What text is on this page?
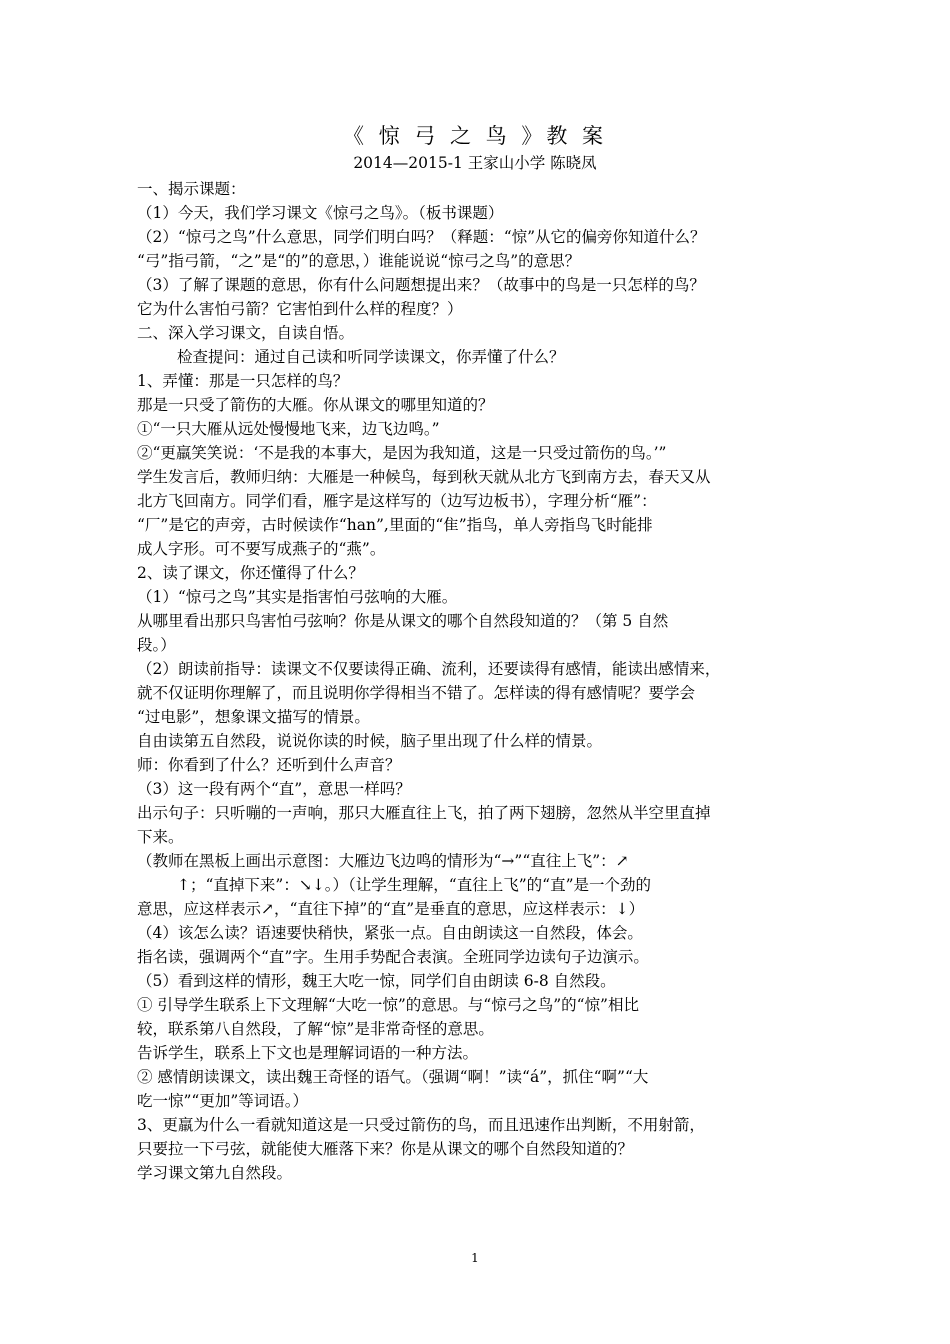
《 惊 弓 之 鸟 》教 案
2014—2015-1 王家山小学 陈晓凤
一、揭示课题：
（1）今天，我们学习课文《惊弓之鸟》。（板书课题）
（2）“惊弓之鸟”什么意思，同学们明白吗？（释题：“惊”从它的偏旁你知道什么？
“弓”指弓箭，“之”是“的”的意思，）谁能说说“惊弓之鸟”的意思？
（3）了解了课题的意思，你有什么问题想提出来？（故事中的鸟是一只怎样的鸟？
它为什么害怕弓箭？它害怕到什么样的程度？）
二、深入学习课文，自读自悟。
检查提问：通过自己读和听同学读课文，你弄懂了什么？
1、弄懂：那是一只怎样的鸟？
那是一只受了箭伤的大雁。你从课文的哪里知道的？
①“一只大雁从远处慢慢地飞来，边飞边鸣。”
②“更羸笑笑说：‘不是我的本事大，是因为我知道，这是一只受过箭伤的鸟。’”
学生发言后，教师归纳：大雁是一种候鸟，每到秋天就从北方飞到南方去，春天又从
北方飞回南方。同学们看，雁字是这样写的（边写边板书），字理分析“雁”：
“厂”是它的声旁，古时候读作“han”,里面的“隹”指鸟，单人旁指鸟飞时能排
成人字形。可不要写成燕子的“燕”。
2、读了课文，你还懂得了什么？
（1）“惊弓之鸟”其实是指害怕弓弦响的大雁。
从哪里看出那只鸟害怕弓弦响？你是从课文的哪个自然段知道的？（第 5 自然
段。）
（2）朗读前指导：读课文不仅要读得正确、流利，还要读得有感情，能读出感情来，
就不仅证明你理解了，而且说明你学得相当不错了。怎样读的得有感情呢？要学会
“过电影”，想象课文描写的情景。
自由读第五自然段，说说你读的时候，脑子里出现了什么样的情景。
师：你看到了什么？还听到什么声音？
（3）这一段有两个“直”，意思一样吗？
出示句子：只听嘣的一声响，那只大雁直往上飞，拍了两下翅膀，忽然从半空里直掉
下来。
（教师在黑板上画出示意图：大雁边飞边鸣的情形为“→”“直往上飞”：↗
↑；“直掉下来”：↘↓。）（让学生理解，“直往上飞”的“直”是一个劲的
意思，应这样表示↗，“直往下掉”的“直”是垂直的意思，应这样表示：↓）
（4）该怎么读？语速要快稍快，紧张一点。自由朗读这一自然段，体会。
指名读，强调两个“直”字。生用手势配合表演。全班同学边读句子边演示。
（5）看到这样的情形，魏王大吃一惊，同学们自由朗读 6-8 自然段。
① 引导学生联系上下文理解“大吃一惊”的意思。与“惊弓之鸟”的“惊”相比
较，联系第八自然段，了解“惊”是非常奇怪的意思。
告诉学生，联系上下文也是理解词语的一种方法。
② 感情朗读课文，读出魏王奇怪的语气。（强调“啊！”读“á”，抓住“啊”“大
吃一惊”“更加”等词语。）
3、更羸为什么一看就知道这是一只受过箭伤的鸟，而且迅速作出判断，不用射箭，
只要拉一下弓弦，就能使大雁落下来？你是从课文的哪个自然段知道的？
学习课文第九自然段。
1
